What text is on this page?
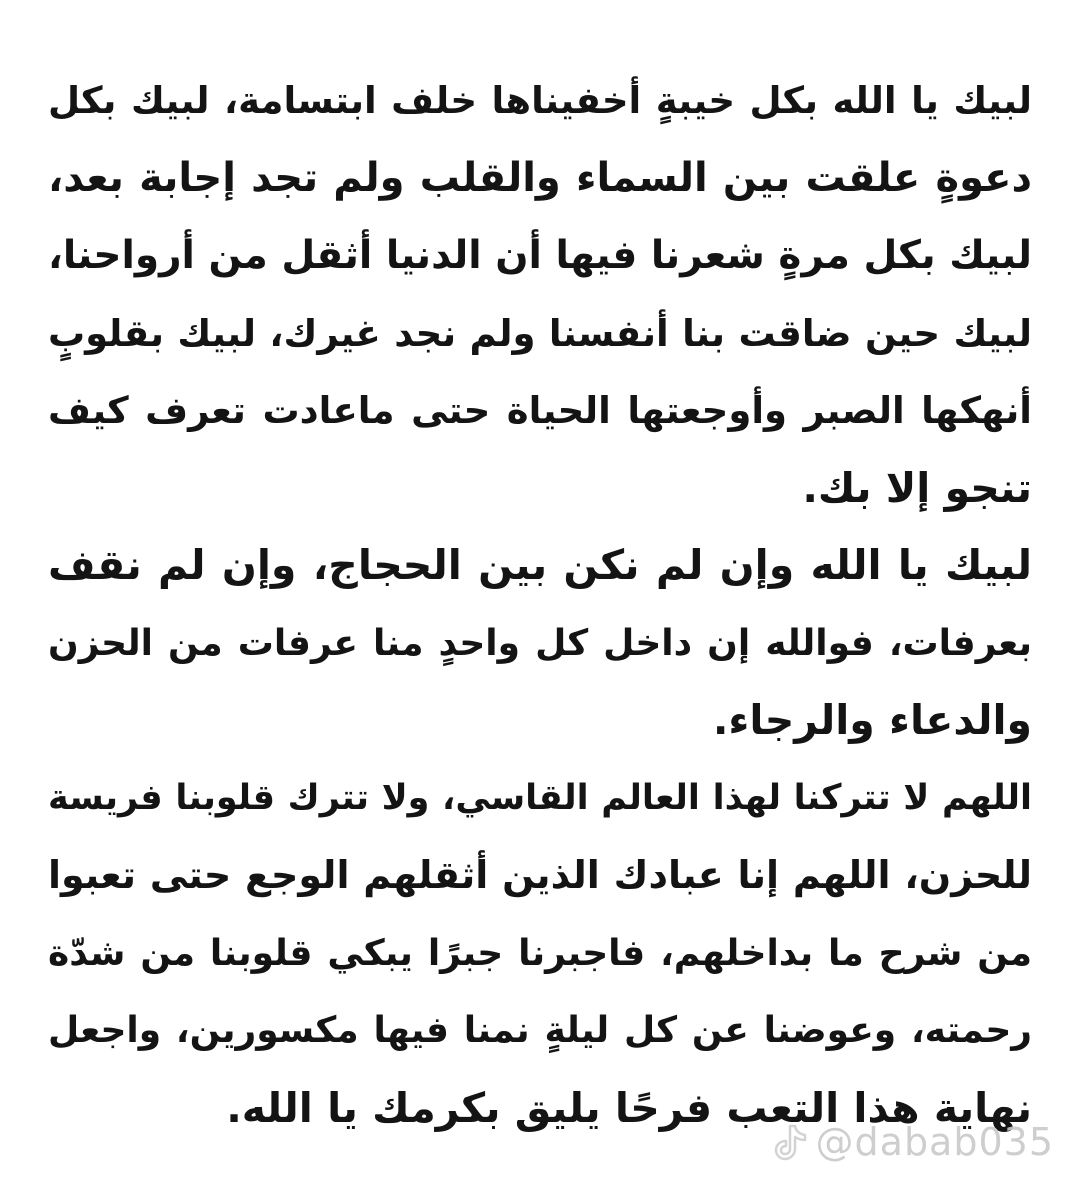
لبيك يا الله بكل خيبةٍ أخفيناها خلف ابتسامة، لبيك بكل
دعوةٍ علقت بين السماء والقلب ولم تجد إجابة بعد،
لبيك بكل مرةٍ شعرنا فيها أن الدنيا أثقل من أرواحنا،
لبيك حين ضاقت بنا أنفسنا ولم نجد غيرك، لبيك بقلوبٍ
أنهكها الصبر وأوجعتها الحياة حتى ماعادت تعرف كيف
تنجو إلا بك.
لبيك يا الله وإن لم نكن بين الحجاج، وإن لم نقف
بعرفات، فوالله إن داخل كل واحدٍ منا عرفات من الحزن
والدعاء والرجاء.
اللهم لا تتركنا لهذا العالم القاسي، ولا تترك قلوبنا فريسة
للحزن، اللهم إنا عبادك الذين أثقلهم الوجع حتى تعبوا
من شرح ما بداخلهم، فاجبرنا جبرًا يبكي قلوبنا من شدّة
رحمته، وعوضنا عن كل ليلةٍ نمنا فيها مكسورين، واجعل
نهاية هذا التعب فرحًا يليق بكرمك يا الله.
@dabab035
